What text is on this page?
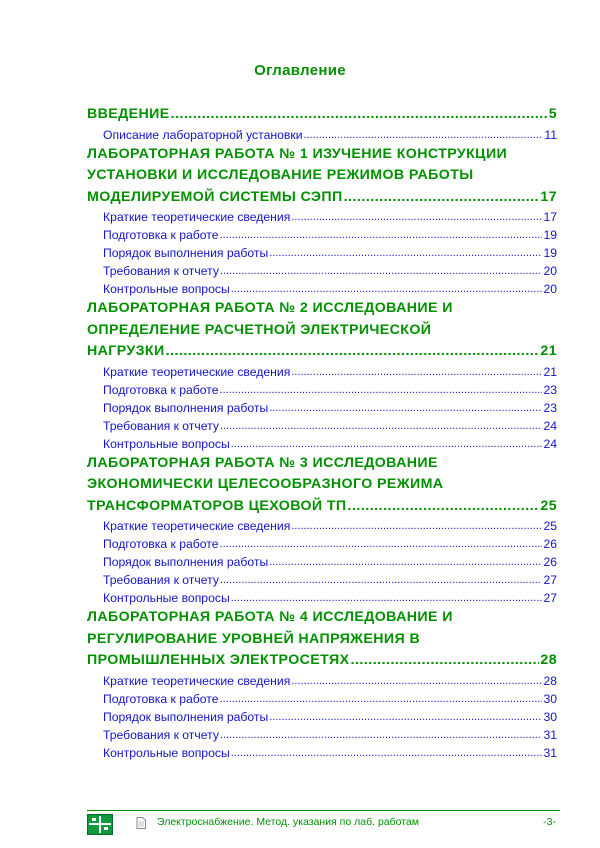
Оглавление
ВВЕДЕНИЕ .....	5
Описание лабораторной установки .....	11
ЛАБОРАТОРНАЯ РАБОТА № 1 ИЗУЧЕНИЕ КОНСТРУКЦИИ
УСТАНОВКИ И ИССЛЕДОВАНИЕ РЕЖИМОВ РАБОТЫ
МОДЕЛИРУЕМОЙ СИСТЕМЫ СЭПП .....	17
Краткие теоретические сведения .....	17
Подготовка к работе .....	19
Порядок выполнения работы .....	19
Требования к отчету .....	20
Контрольные вопросы .....	20
ЛАБОРАТОРНАЯ РАБОТА № 2 ИССЛЕДОВАНИЕ И
ОПРЕДЕЛЕНИЕ РАСЧЕТНОЙ ЭЛЕКТРИЧЕСКОЙ
НАГРУЗКИ .....	21
Краткие теоретические сведения .....	21
Подготовка к работе .....	23
Порядок выполнения работы .....	23
Требования к отчету .....	24
Контрольные вопросы .....	24
ЛАБОРАТОРНАЯ РАБОТА № 3 ИССЛЕДОВАНИЕ
ЭКОНОМИЧЕСКИ ЦЕЛЕСООБРАЗНОГО РЕЖИМА
ТРАНСФОРМАТОРОВ ЦЕХОВОЙ ТП .....	25
Краткие теоретические сведения .....	25
Подготовка к работе .....	26
Порядок выполнения работы .....	26
Требования к отчету .....	27
Контрольные вопросы .....	27
ЛАБОРАТОРНАЯ РАБОТА № 4 ИССЛЕДОВАНИЕ И
РЕГУЛИРОВАНИЕ УРОВНЕЙ НАПРЯЖЕНИЯ В
ПРОМЫШЛЕННЫХ ЭЛЕКТРОСЕТЯХ .....	28
Краткие теоретические сведения .....	28
Подготовка к работе .....	30
Порядок выполнения работы .....	30
Требования к отчету .....	31
Контрольные вопросы .....	31
Электроснабжение. Метод. указания по лаб. работам	-3-
